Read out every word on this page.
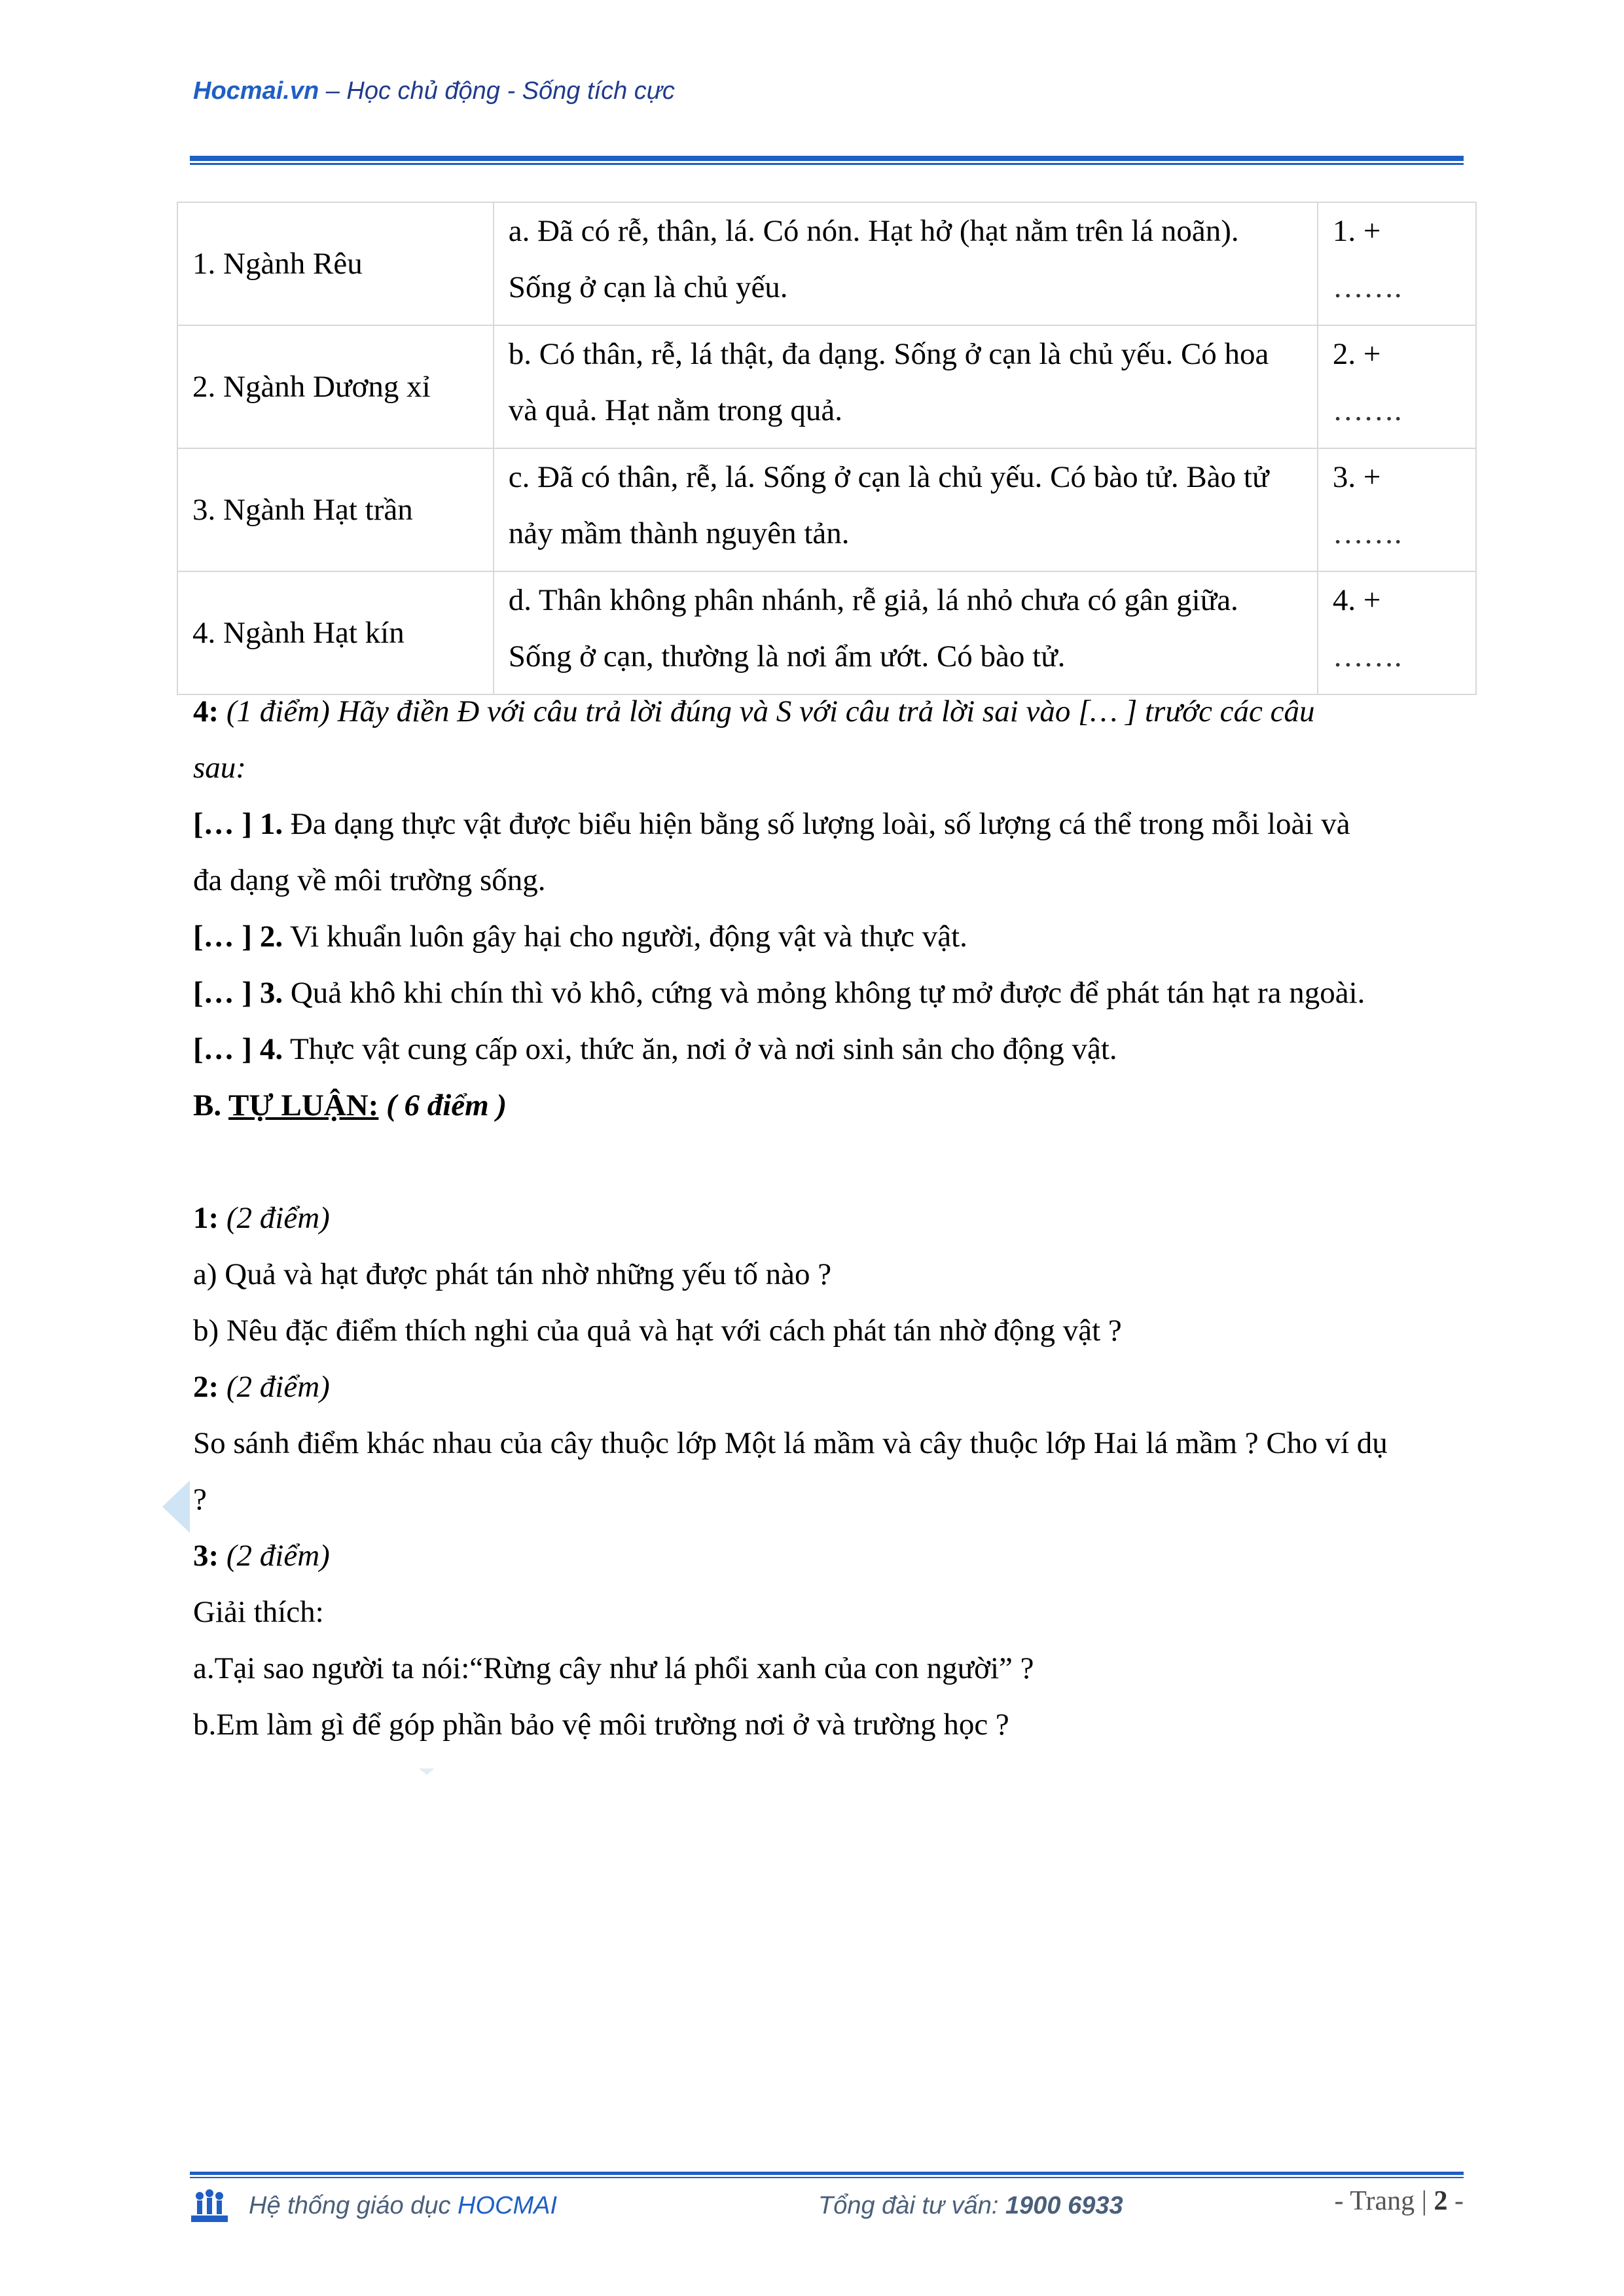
Hocmai.vn – Học chủ động - Sống tích cực
1. Ngành Rêu	a. Đã có rễ, thân, lá. Có nón. Hạt hở (hạt nằm trên lá noãn). Sống ở cạn là chủ yếu.	1. +
…….

2. Ngành Dương xỉ	b. Có thân, rễ, lá thật, đa dạng. Sống ở cạn là chủ yếu. Có hoa và quả. Hạt nằm trong quả.	2. +
…….

3. Ngành Hạt trần	c. Đã có thân, rễ, lá. Sống ở cạn là chủ yếu. Có bào tử. Bào tử nảy mầm thành nguyên tản.	3. +
…….

4. Ngành Hạt kín	d. Thân không phân nhánh, rễ giả, lá nhỏ chưa có gân giữa. Sống ở cạn, thường là nơi ẩm ướt. Có bào tử.	4. +
…….
4: (1 điểm) Hãy điền Đ với câu trả lời đúng và S với câu trả lời sai vào [… ] trước các câu
sau:
[… ] 1. Đa dạng thực vật được biểu hiện bằng số lượng loài, số lượng cá thể trong mỗi loài và
đa dạng về môi trường sống.
[… ] 2. Vi khuẩn luôn gây hại cho người, động vật và thực vật.
[… ] 3. Quả khô khi chín thì vỏ khô, cứng và mỏng không tự mở được để phát tán hạt ra ngoài.
[… ] 4. Thực vật cung cấp oxi, thức ăn, nơi ở và nơi sinh sản cho động vật.
B. TỰ LUẬN: ( 6 điểm )
1: (2 điểm)
a) Quả và hạt được phát tán nhờ những yếu tố nào ?
b) Nêu đặc điểm thích nghi của quả và hạt với cách phát tán nhờ động vật ?
2: (2 điểm)
So sánh điểm khác nhau của cây thuộc lớp Một lá mầm và cây thuộc lớp Hai lá mầm ? Cho ví dụ
?
3: (2 điểm)
Giải thích:
a.Tại sao người ta nói:“Rừng cây như lá phổi xanh của con người” ?
b.Em làm gì để góp phần bảo vệ môi trường nơi ở và trường học ?
Hệ thống giáo dục HOCMAI	Tổng đài tư vấn: 1900 6933	- Trang | 2 -
